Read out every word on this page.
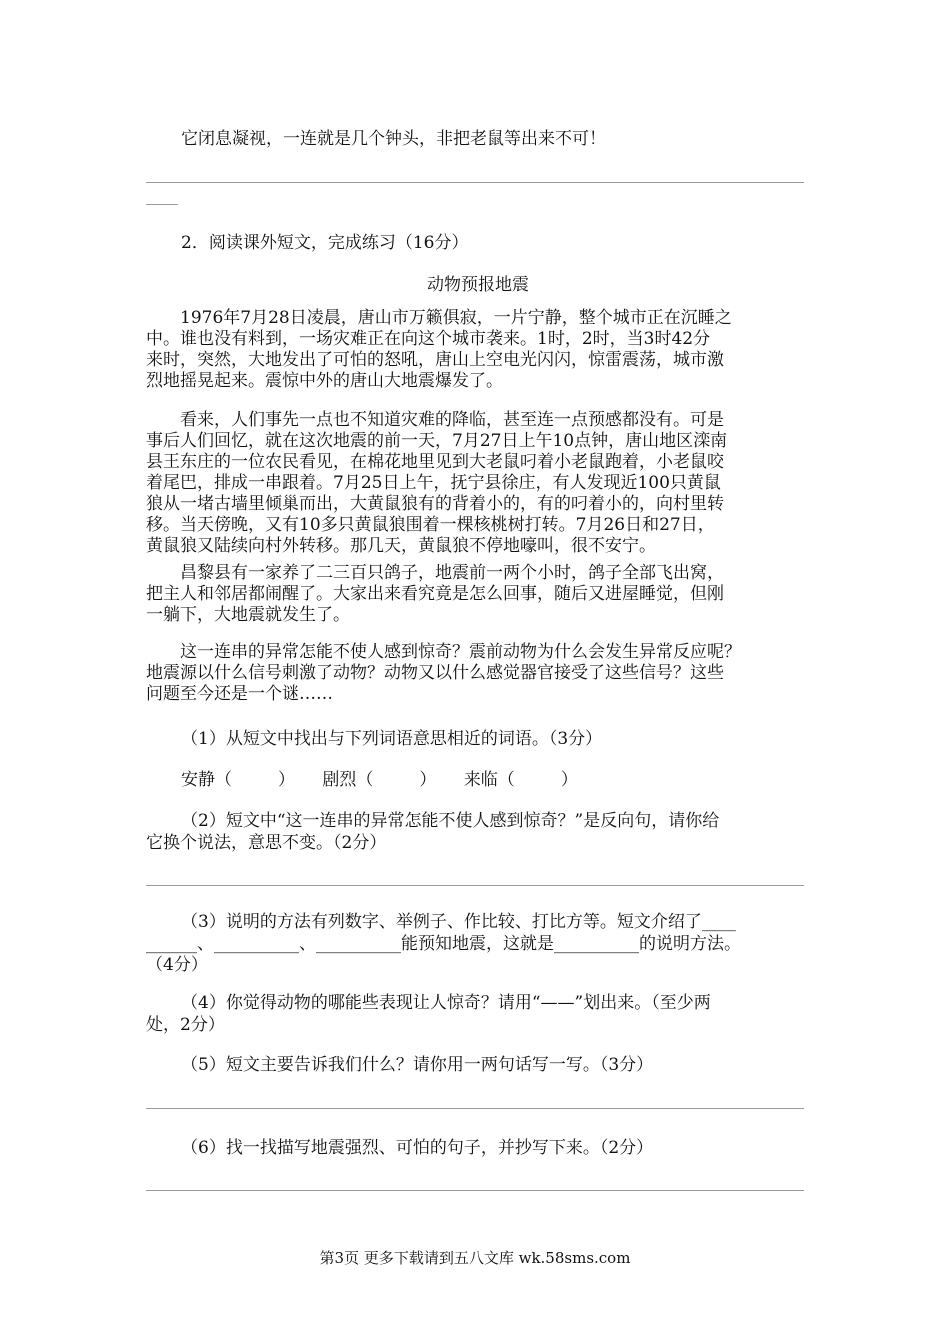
它闭息凝视，一连就是几个钟头，非把老鼠等出来不可！
2．阅读课外短文，完成练习（16分）
动物预报地震
1976年7月28日凌晨，唐山市万籁俱寂，一片宁静，整个城市正在沉睡之
中。谁也没有料到，一场灾难正在向这个城市袭来。1时，2时，当3时42分
来时，突然，大地发出了可怕的怒吼，唐山上空电光闪闪，惊雷震荡，城市激
烈地摇晃起来。震惊中外的唐山大地震爆发了。
看来，人们事先一点也不知道灾难的降临，甚至连一点预感都没有。可是
事后人们回忆，就在这次地震的前一天，7月27日上午10点钟，唐山地区滦南
县王东庄的一位农民看见，在棉花地里见到大老鼠叼着小老鼠跑着，小老鼠咬
着尾巴，排成一串跟着。7月25日上午，抚宁县徐庄，有人发现近100只黄鼠
狼从一堵古墙里倾巢而出，大黄鼠狼有的背着小的，有的叼着小的，向村里转
移。当天傍晚，又有10多只黄鼠狼围着一棵核桃树打转。7月26日和27日，
黄鼠狼又陆续向村外转移。那几天，黄鼠狼不停地嚎叫，很不安宁。
昌黎县有一家养了二三百只鸽子，地震前一两个小时，鸽子全部飞出窝，
把主人和邻居都闹醒了。大家出来看究竟是怎么回事，随后又进屋睡觉，但刚
一躺下，大地震就发生了。
这一连串的异常怎能不使人感到惊奇？震前动物为什么会发生异常反应呢？
地震源以什么信号刺激了动物？动物又以什么感觉器官接受了这些信号？这些
问题至今还是一个谜……
（1）从短文中找出与下列词语意思相近的词语。（3分）
安静（	） 剧烈（	） 来临（	）
（2）短文中“这一连串的异常怎能不使人感到惊奇？”是反向句，请你给
它换个说法，意思不变。（2分）
（3）说明的方法有列数字、举例子、作比较、打比方等。短文介绍了____
______、__________、__________能预知地震，这就是__________的说明方法。
（4分）
（4）你觉得动物的哪能些表现让人惊奇？请用“——”划出来。（至少两
处，2分）
（5）短文主要告诉我们什么？请你用一两句话写一写。（3分）
（6）找一找描写地震强烈、可怕的句子，并抄写下来。（2分）
第3页 更多下载请到五八文库 wk.58sms.com
